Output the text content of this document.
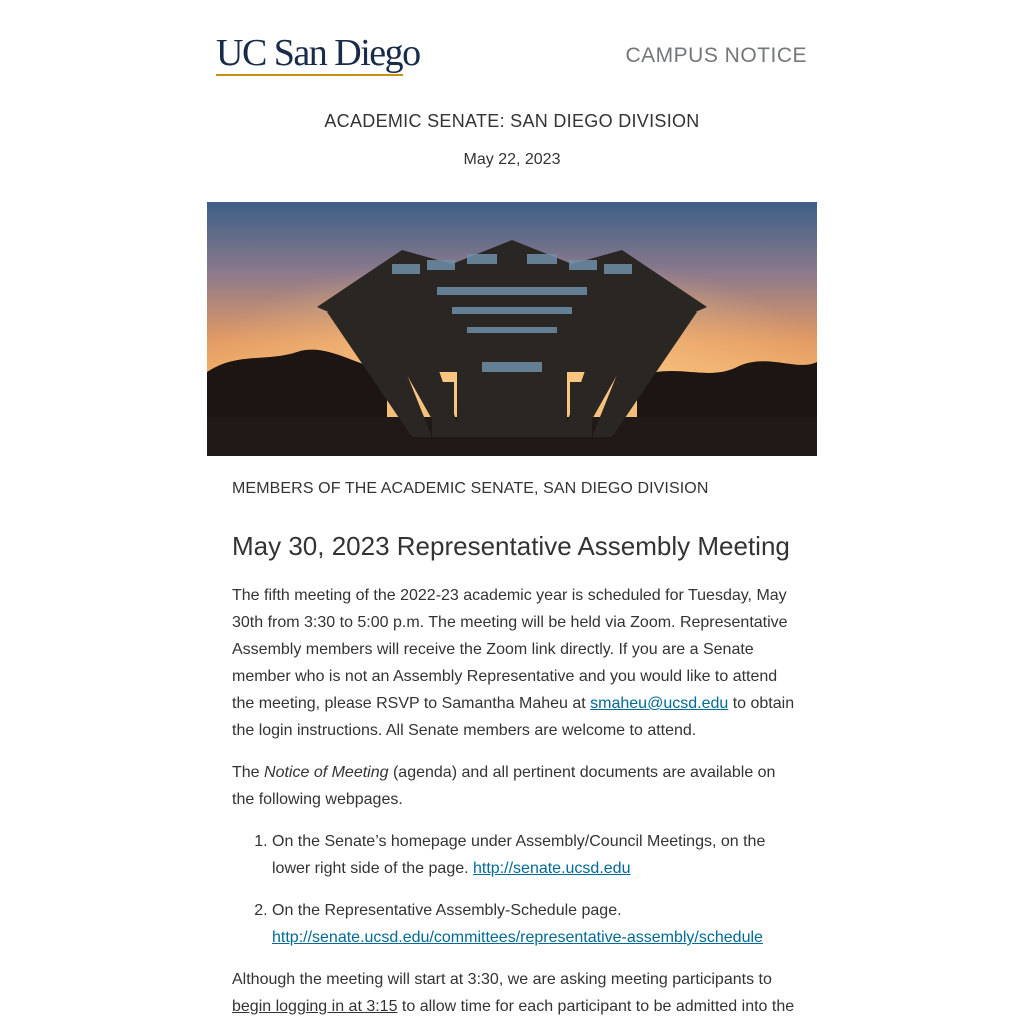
UC San Diego	CAMPUS NOTICE
ACADEMIC SENATE: SAN DIEGO DIVISION
May 22, 2023

MEMBERS OF THE ACADEMIC SENATE, SAN DIEGO DIVISION

May 30, 2023 Representative Assembly Meeting

The fifth meeting of the 2022-23 academic year is scheduled for Tuesday, May 30th from 3:30 to 5:00 p.m. The meeting will be held via Zoom. Representative Assembly members will receive the Zoom link directly. If you are a Senate member who is not an Assembly Representative and you would like to attend the meeting, please RSVP to Samantha Maheu at smaheu@ucsd.edu to obtain the login instructions. All Senate members are welcome to attend.

The Notice of Meeting (agenda) and all pertinent documents are available on the following webpages.

1. On the Senate’s homepage under Assembly/Council Meetings, on the lower right side of the page. http://senate.ucsd.edu
2. On the Representative Assembly-Schedule page. http://senate.ucsd.edu/committees/representative-assembly/schedule

Although the meeting will start at 3:30, we are asking meeting participants to begin logging in at 3:15 to allow time for each participant to be admitted into the
